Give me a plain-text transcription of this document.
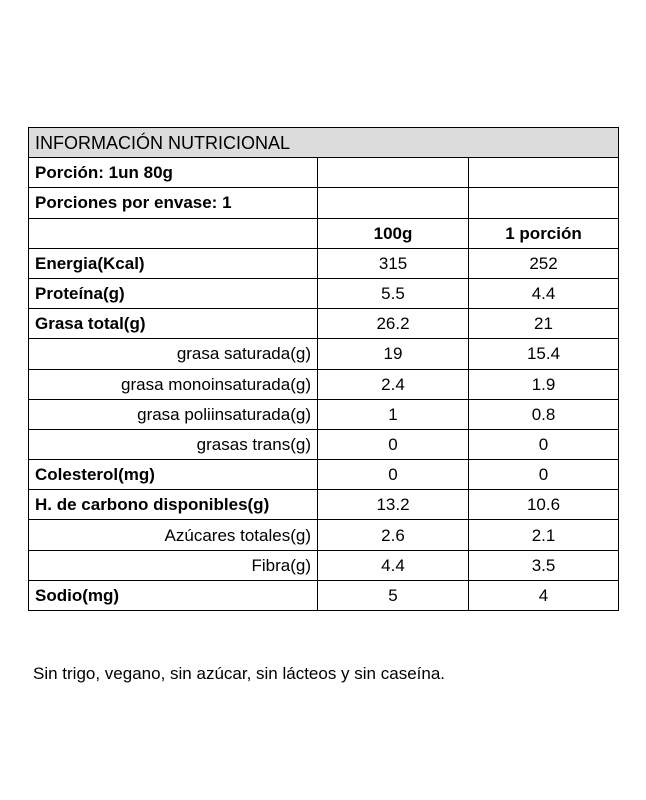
INFORMACIÓN NUTRICIONAL		
Porción: 1un 80g		
Porciones por envase: 1		
	100g	1 porción
Energia(Kcal)	315	252
Proteína(g)	5.5	4.4
Grasa total(g)	26.2	21
grasa saturada(g)	19	15.4
grasa monoinsaturada(g)	2.4	1.9
grasa poliinsaturada(g)	1	0.8
grasas trans(g)	0	0
Colesterol(mg)	0	0
H. de carbono disponibles(g)	13.2	10.6
Azúcares totales(g)	2.6	2.1
Fibra(g)	4.4	3.5
Sodio(mg)	5	4

Sin trigo, vegano, sin azúcar, sin lácteos y sin caseína.
